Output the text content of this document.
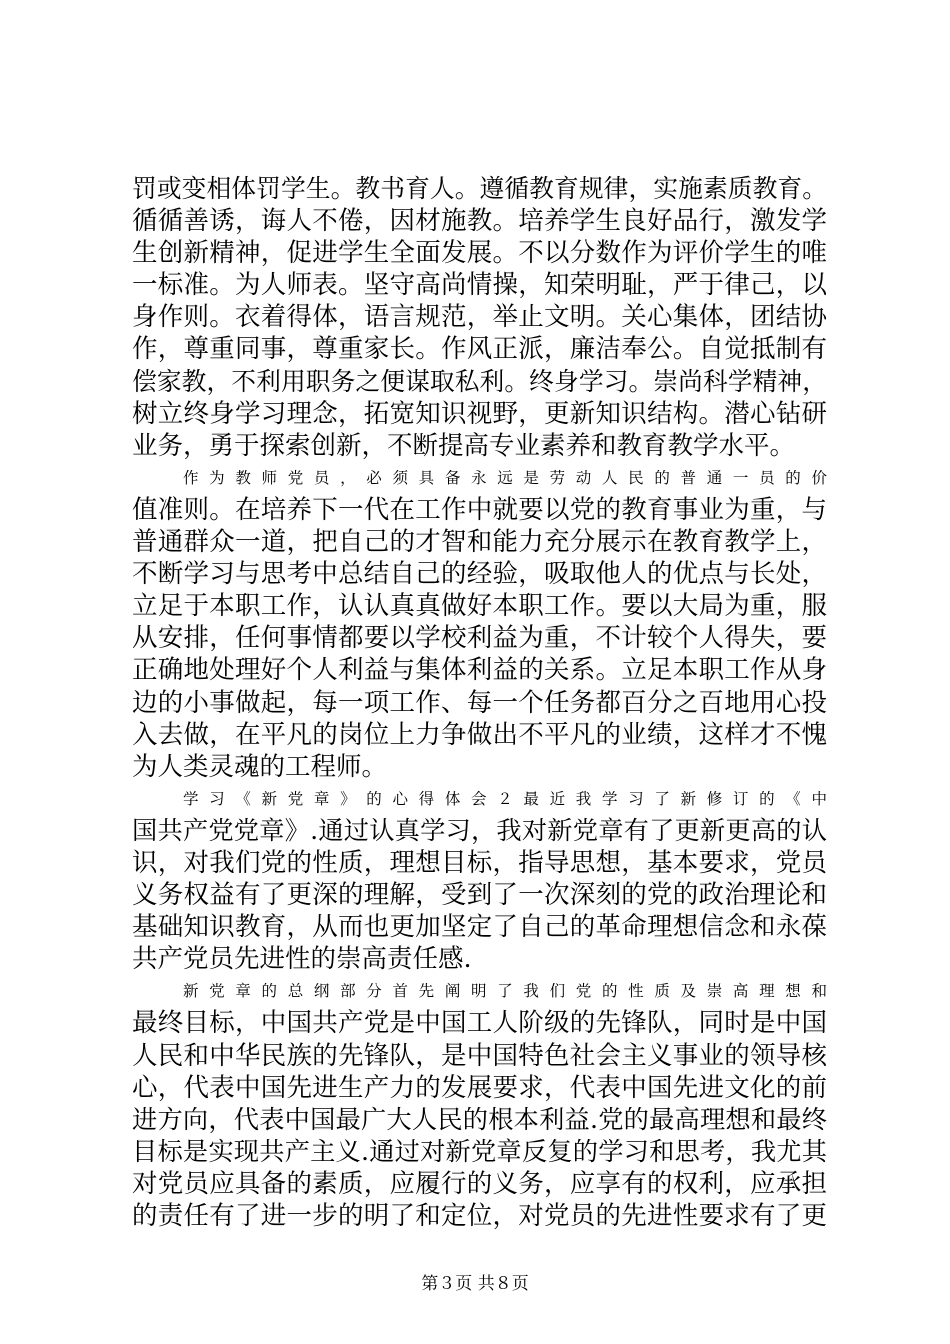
罚或变相体罚学生。教书育人。遵循教育规律，实施素质教育。
循循善诱，诲人不倦，因材施教。培养学生良好品行，激发学
生创新精神，促进学生全面发展。不以分数作为评价学生的唯
一标准。为人师表。坚守高尚情操，知荣明耻，严于律己，以
身作则。衣着得体，语言规范，举止文明。关心集体，团结协
作，尊重同事，尊重家长。作风正派，廉洁奉公。自觉抵制有
偿家教，不利用职务之便谋取私利。终身学习。崇尚科学精神，
树立终身学习理念，拓宽知识视野，更新知识结构。潜心钻研
业务，勇于探索创新，不断提高专业素养和教育教学水平。
作为教师党员，必须具备永远是劳动人民的普通一员的价
值准则。在培养下一代在工作中就要以党的教育事业为重，与
普通群众一道，把自己的才智和能力充分展示在教育教学上，
不断学习与思考中总结自己的经验，吸取他人的优点与长处，
立足于本职工作，认认真真做好本职工作。要以大局为重，服
从安排，任何事情都要以学校利益为重，不计较个人得失，要
正确地处理好个人利益与集体利益的关系。立足本职工作从身
边的小事做起，每一项工作、每一个任务都百分之百地用心投
入去做，在平凡的岗位上力争做出不平凡的业绩，这样才不愧
为人类灵魂的工程师。
学习《新党章》的心得体会２最近我学习了新修订的《中
国共产党党章》.通过认真学习，我对新党章有了更新更高的认
识，对我们党的性质，理想目标，指导思想，基本要求，党员
义务权益有了更深的理解，受到了一次深刻的党的政治理论和
基础知识教育，从而也更加坚定了自己的革命理想信念和永葆
共产党员先进性的崇高责任感.
新党章的总纲部分首先阐明了我们党的性质及崇高理想和
最终目标，中国共产党是中国工人阶级的先锋队，同时是中国
人民和中华民族的先锋队，是中国特色社会主义事业的领导核
心，代表中国先进生产力的发展要求，代表中国先进文化的前
进方向，代表中国最广大人民的根本利益.党的最高理想和最终
目标是实现共产主义.通过对新党章反复的学习和思考，我尤其
对党员应具备的素质，应履行的义务，应享有的权利，应承担
的责任有了进一步的明了和定位，对党员的先进性要求有了更
第３页 共８页
